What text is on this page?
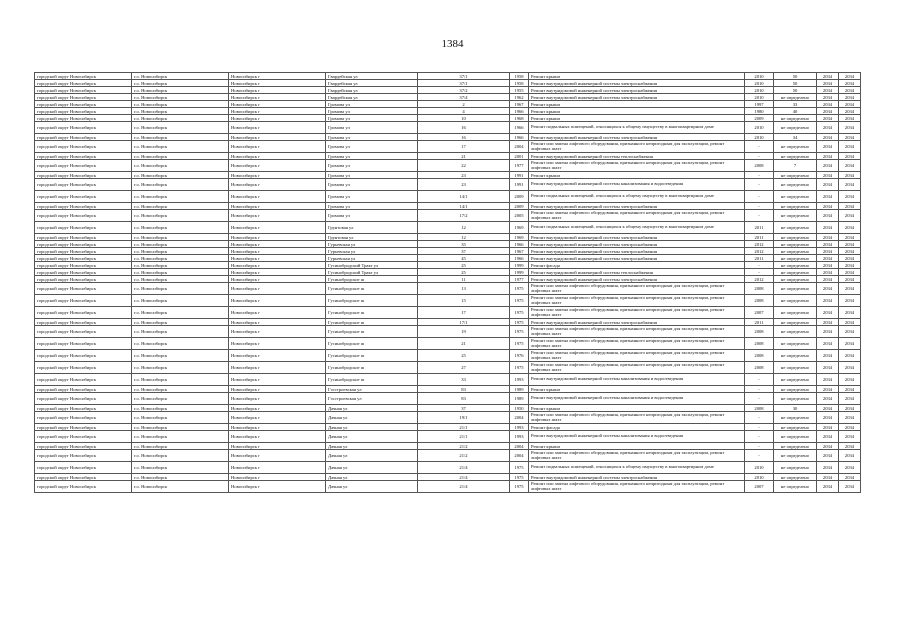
1384
городской округ Новосибирск	г.о. Новосибирск	Новосибирск г	Гвардейская ул	37/1	1958	Ремонт крыши	2010	50	2034	2034
городской округ Новосибирск	г.о. Новосибирск	Новосибирск г	Гвардейская ул	37/1	1958	Ремонт внутридомовой инженерной системы электроснабжения	2010	50	2034	2034
городской округ Новосибирск	г.о. Новосибирск	Новосибирск г	Гвардейская ул	37/2	1955	Ремонт внутридомовой инженерной системы электроснабжения	2010	50	2034	2034
городской округ Новосибирск	г.о. Новосибирск	Новосибирск г	Гвардейская ул	37/4	1962	Ремонт внутридомовой инженерной системы электроснабжения	2010	не определено	2034	2034
городской округ Новосибирск	г.о. Новосибирск	Новосибирск г	Громова ул	2	1967	Ремонт крыши	1997	33	2034	2034
городской округ Новосибирск	г.о. Новосибирск	Новосибирск г	Громова ул	4	1966	Ремонт крыши	1980	40	2034	2034
городской округ Новосибирск	г.о. Новосибирск	Новосибирск г	Громова ул	10	1968	Ремонт крыши	2009	не определено	2034	2034
городской округ Новосибирск	г.о. Новосибирск	Новосибирск г	Громова ул	16	1966	Ремонт подвальных помещений, относящихся к общему имуществу в многоквартирном доме	2010	не определено	2034	2034
городской округ Новосибирск	г.о. Новосибирск	Новосибирск г	Громова ул	16	1966	Ремонт внутридомовой инженерной системы электроснабжения	2010	34	2034	2034
городской округ Новосибирск	г.о. Новосибирск	Новосибирск г	Громова ул	17	2004	Ремонт или замена лифтового оборудования, признанного непригодным для эксплуатации, ремонт лифтовых шахт	-	не определено	2034	2034
городской округ Новосибирск	г.о. Новосибирск	Новосибирск г	Громова ул	21	2001	Ремонт внутридомовой инженерной системы теплоснабжения	-	не определено	2034	2034
городской округ Новосибирск	г.о. Новосибирск	Новосибирск г	Громова ул	22	1977	Ремонт или замена лифтового оборудования, признанного непригодным для эксплуатации, ремонт лифтовых шахт	2008	7	2034	2034
городской округ Новосибирск	г.о. Новосибирск	Новосибирск г	Громова ул	23	1991	Ремонт крыши	-	не определено	2034	2034
городской округ Новосибирск	г.о. Новосибирск	Новосибирск г	Громова ул	23	1991	Ремонт внутридомовой инженерной системы канализования и водоотведения	-	не определено	2034	2034
городской округ Новосибирск	г.о. Новосибирск	Новосибирск г	Громова ул	14/1	2009	Ремонт подвальных помещений, относящихся к общему имуществу в многоквартирном доме	-	не определено	2034	2034
городской округ Новосибирск	г.о. Новосибирск	Новосибирск г	Громова ул	14/1	2009	Ремонт внутридомовой инженерной системы электроснабжения	-	не определено	2034	2034
городской округ Новосибирск	г.о. Новосибирск	Новосибирск г	Громова ул	17/2	2005	Ремонт или замена лифтового оборудования, признанного непригодным для эксплуатации, ремонт лифтовых шахт	-	не определено	2034	2034
городской округ Новосибирск	г.о. Новосибирск	Новосибирск г	Грунтовая ул	12	1969	Ремонт подвальных помещений, относящихся к общему имуществу в многоквартирном доме	2011	не определено	2034	2034
городской округ Новосибирск	г.о. Новосибирск	Новосибирск г	Грунтовая ул	12	1969	Ремонт внутридомовой инженерной системы электроснабжения	2011	не определено	2034	2034
городской округ Новосибирск	г.о. Новосибирск	Новосибирск г	Гурьевская ул	35	1966	Ремонт внутридомовой инженерной системы электроснабжения	2012	не определено	2034	2034
городской округ Новосибирск	г.о. Новосибирск	Новосибирск г	Гурьевская ул	37	1967	Ремонт внутридомовой инженерной системы электроснабжения	2012	не определено	2034	2034
городской округ Новосибирск	г.о. Новосибирск	Новосибирск г	Гурьевская ул	45	1966	Ремонт внутридомовой инженерной системы электроснабжения	2011	не определено	2034	2034
городской округ Новосибирск	г.о. Новосибирск	Новосибирск г	Гусинобродский Тракт ул	25	1999	Ремонт фасада	-	не определено	2034	2034
городской округ Новосибирск	г.о. Новосибирск	Новосибирск г	Гусинобродский Тракт ул	25	1999	Ремонт внутридомовой инженерной системы теплоснабжения	-	не определено	2034	2034
городской округ Новосибирск	г.о. Новосибирск	Новосибирск г	Гусинобродское ш	11	1977	Ремонт внутридомовой инженерной системы электроснабжения	2012	не определено	2034	2034
городской округ Новосибирск	г.о. Новосибирск	Новосибирск г	Гусинобродское ш	13	1975	Ремонт или замена лифтового оборудования, признанного непригодным для эксплуатации, ремонт лифтовых шахт	2008	не определено	2034	2034
городской округ Новосибирск	г.о. Новосибирск	Новосибирск г	Гусинобродское ш	15	1975	Ремонт или замена лифтового оборудования, признанного непригодным для эксплуатации, ремонт лифтовых шахт	2008	не определено	2034	2034
городской округ Новосибирск	г.о. Новосибирск	Новосибирск г	Гусинобродское ш	17	1975	Ремонт или замена лифтового оборудования, признанного непригодным для эксплуатации, ремонт лифтовых шахт	2007	не определено	2034	2034
городской округ Новосибирск	г.о. Новосибирск	Новосибирск г	Гусинобродское ш	17/1	1975	Ремонт внутридомовой инженерной системы электроснабжения	2011	не определено	2034	2034
городской округ Новосибирск	г.о. Новосибирск	Новосибирск г	Гусинобродское ш	19	1975	Ремонт или замена лифтового оборудования, признанного непригодным для эксплуатации, ремонт лифтовых шахт	2008	не определено	2034	2034
городской округ Новосибирск	г.о. Новосибирск	Новосибирск г	Гусинобродское ш	21	1975	Ремонт или замена лифтового оборудования, признанного непригодным для эксплуатации, ремонт лифтовых шахт	2008	не определено	2034	2034
городской округ Новосибирск	г.о. Новосибирск	Новосибирск г	Гусинобродское ш	25	1976	Ремонт или замена лифтового оборудования, признанного непригодным для эксплуатации, ремонт лифтовых шахт	2008	не определено	2034	2034
городской округ Новосибирск	г.о. Новосибирск	Новосибирск г	Гусинобродское ш	27	1975	Ремонт или замена лифтового оборудования, признанного непригодным для эксплуатации, ремонт лифтовых шахт	2008	не определено	2034	2034
городской округ Новосибирск	г.о. Новосибирск	Новосибирск г	Гусинобродское ш	33	1993	Ремонт внутридомовой инженерной системы канализования и водоотведения	-	не определено	2034	2034
городской округ Новосибирск	г.о. Новосибирск	Новосибирск г	Гэсстроевская ул	83	1989	Ремонт крыши	-	не определено	2034	2034
городской округ Новосибирск	г.о. Новосибирск	Новосибирск г	Гэсстроевская ул	83	1989	Ремонт внутридомовой инженерной системы канализования и водоотведения	-	не определено	2034	2034
городской округ Новосибирск	г.о. Новосибирск	Новосибирск г	Дачная ул	37	1950	Ремонт крыши	2008	30	2034	2034
городской округ Новосибирск	г.о. Новосибирск	Новосибирск г	Дачная ул	19/1	2004	Ремонт или замена лифтового оборудования, признанного непригодным для эксплуатации, ремонт лифтовых шахт	-	не определено	2034	2034
городской округ Новосибирск	г.о. Новосибирск	Новосибирск г	Дачная ул	21/1	1993	Ремонт фасада	-	не определено	2034	2034
городской округ Новосибирск	г.о. Новосибирск	Новосибирск г	Дачная ул	21/1	1993	Ремонт внутридомовой инженерной системы канализования и водоотведения	-	не определено	2034	2034
городской округ Новосибирск	г.о. Новосибирск	Новосибирск г	Дачная ул	21/2	2004	Ремонт крыши	-	не определено	2034	2034
городской округ Новосибирск	г.о. Новосибирск	Новосибирск г	Дачная ул	21/2	2004	Ремонт или замена лифтового оборудования, признанного непригодным для эксплуатации, ремонт лифтовых шахт	-	не определено	2034	2034
городской округ Новосибирск	г.о. Новосибирск	Новосибирск г	Дачная ул	21/4	1975	Ремонт подвальных помещений, относящихся к общему имуществу в многоквартирном доме	2010	не определено	2034	2034
городской округ Новосибирск	г.о. Новосибирск	Новосибирск г	Дачная ул	21/4	1975	Ремонт внутридомовой инженерной системы электроснабжения	2010	не определено	2034	2034
городской округ Новосибирск	г.о. Новосибирск	Новосибирск г	Дачная ул	21/4	1975	Ремонт или замена лифтового оборудования, признанного непригодным для эксплуатации, ремонт лифтовых шахт	2007	не определено	2034	2034
